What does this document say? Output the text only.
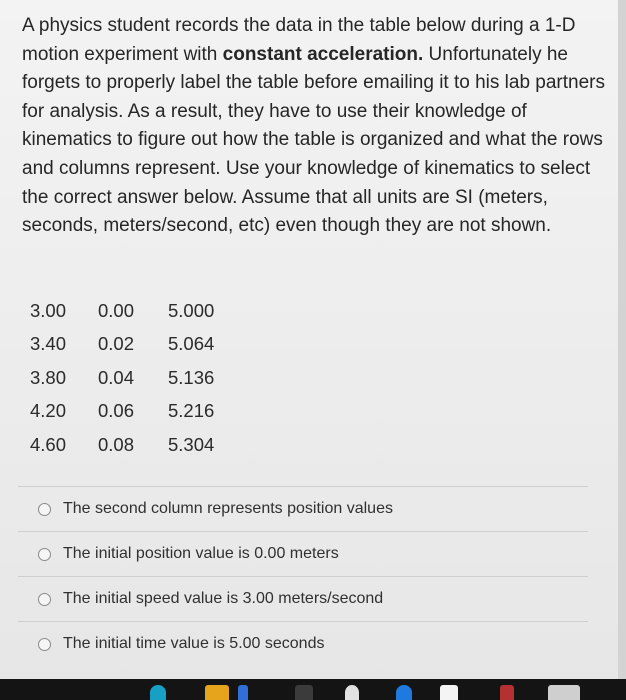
A physics student records the data in the table below during a 1-D motion experiment with constant acceleration. Unfortunately he forgets to properly label the table before emailing it to his lab partners for analysis. As a result, they have to use their knowledge of kinematics to figure out how the table is organized and what the rows and columns represent. Use your knowledge of kinematics to select the correct answer below. Assume that all units are SI (meters, seconds, meters/second, etc) even though they are not shown.
3.00	0.00	5.000
3.40	0.02	5.064
3.80	0.04	5.136
4.20	0.06	5.216
4.60	0.08	5.304
The second column represents position values
The initial position value is 0.00 meters
The initial speed value is 3.00 meters/second
The initial time value is 5.00 seconds
